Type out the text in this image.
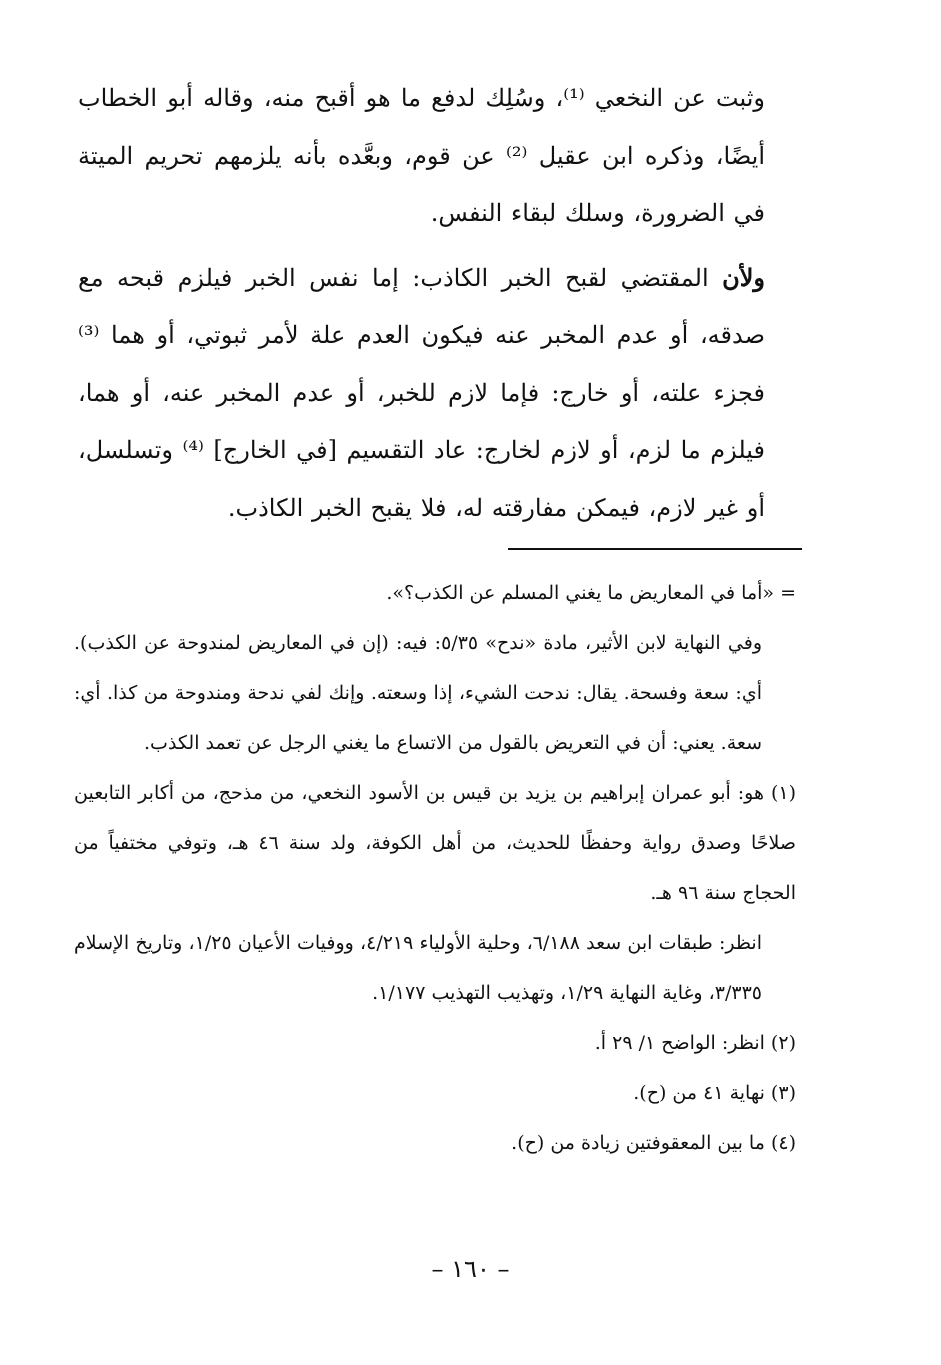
وثبت عن النخعي ⁽¹⁾، وسُلِك لدفع ما هو أقبح منه، وقاله أبو الخطاب أيضًا، وذكره ابن عقيل ⁽²⁾ عن قوم، وبعَّده بأنه يلزمهم تحريم الميتة في الضرورة، وسلك لبقاء النفس.

ولأن المقتضي لقبح الخبر الكاذب: إما نفس الخبر فيلزم قبحه مع صدقه، أو عدم المخبر عنه فيكون العدم علة لأمر ثبوتي، أو هما ⁽³⁾ فجزء علته، أو خارج: فإما لازم للخبر، أو عدم المخبر عنه، أو هما، فيلزم ما لزم، أو لازم لخارج: عاد التقسيم [في الخارج] ⁽⁴⁾ وتسلسل، أو غير لازم، فيمكن مفارقته له، فلا يقبح الخبر الكاذب.

= «أما في المعاريض ما يغني المسلم عن الكذب؟».

وفي النهاية لابن الأثير، مادة «ندح» ٥/٣٥: فيه: (إن في المعاريض لمندوحة عن الكذب). أي: سعة وفسحة. يقال: ندحت الشيء، إذا وسعته. وإنك لفي ندحة ومندوحة من كذا. أي: سعة. يعني: أن في التعريض بالقول من الاتساع ما يغني الرجل عن تعمد الكذب.

(١) هو: أبو عمران إبراهيم بن يزيد بن قيس بن الأسود النخعي، من مذحج، من أكابر التابعين صلاحًا وصدق رواية وحفظًا للحديث، من أهل الكوفة، ولد سنة ٤٦ هـ، وتوفي مختفياً من الحجاج سنة ٩٦ هـ.

انظر: طبقات ابن سعد ٦/١٨٨، وحلية الأولياء ٤/٢١٩، ووفيات الأعيان ١/٢٥، وتاريخ الإسلام ٣/٣٣٥، وغاية النهاية ١/٢٩، وتهذيب التهذيب ١/١٧٧.

(٢) انظر: الواضح ١/ ٢٩ أ.

(٣) نهاية ٤١ من (ح).

(٤) ما بين المعقوفتين زيادة من (ح).

– ١٦٠ –
